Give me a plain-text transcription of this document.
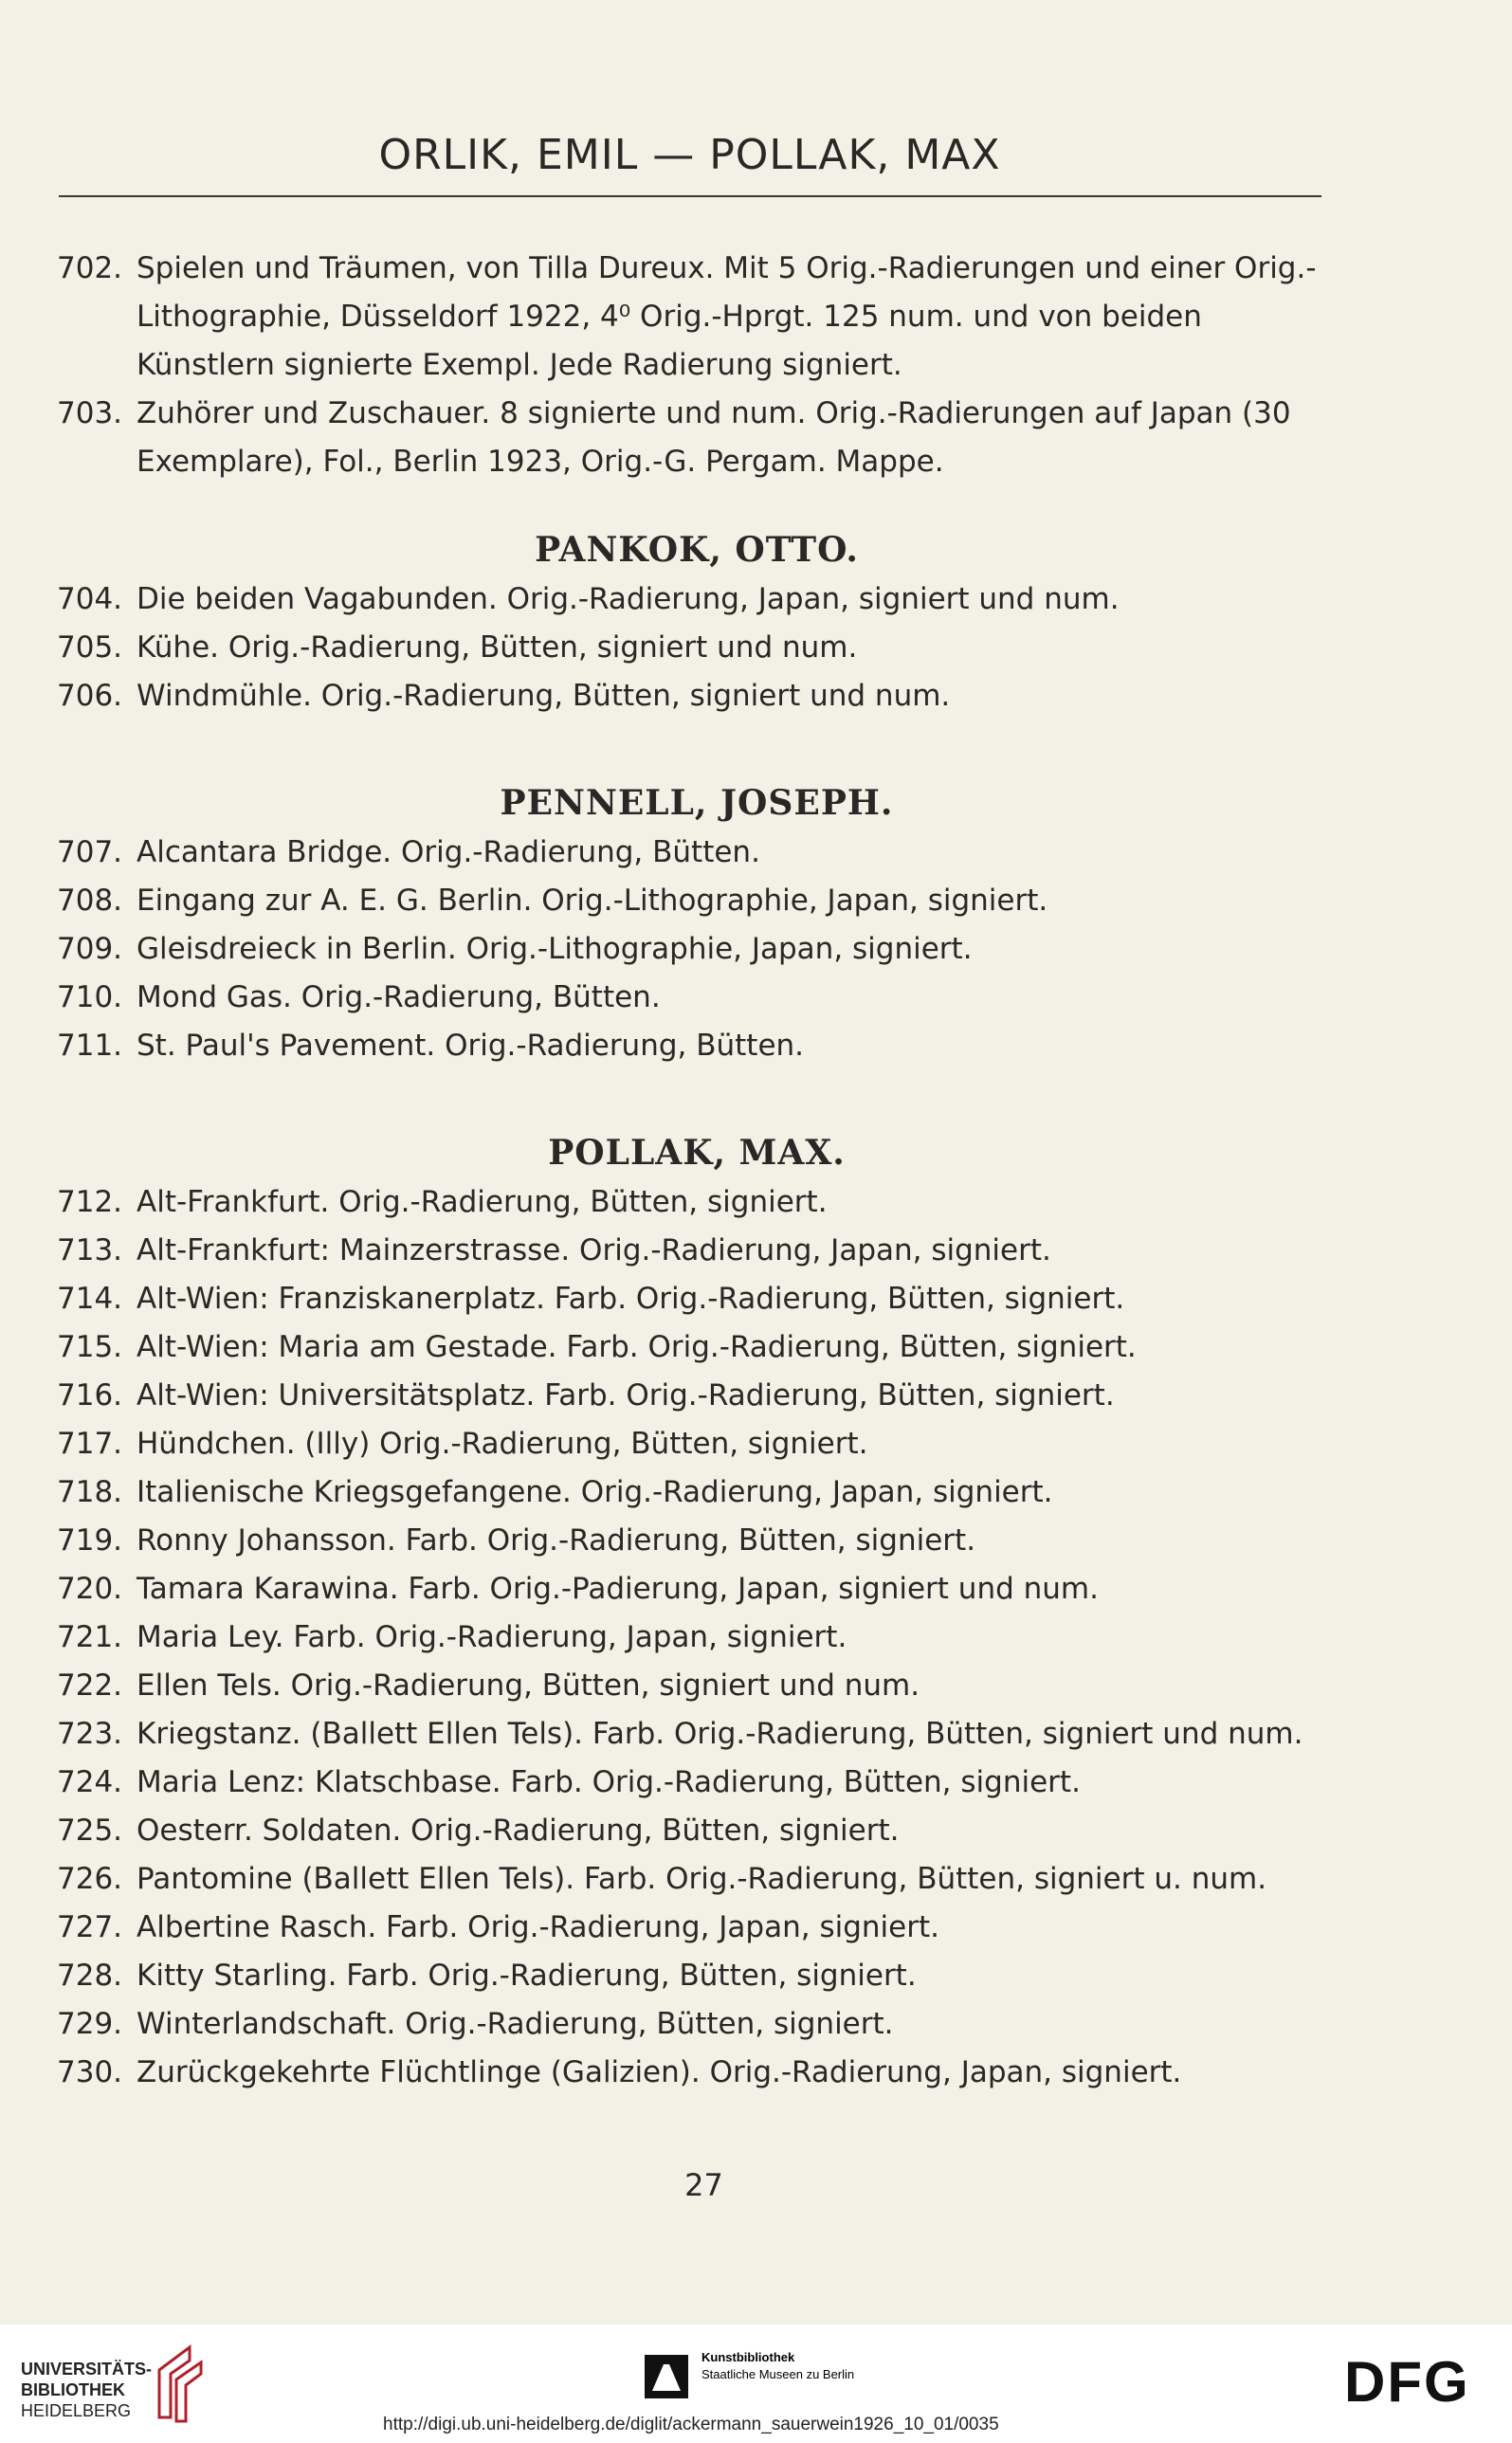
ORLIK, EMIL — POLLAK, MAX
702. Spielen und Träumen, von Tilla Dureux. Mit 5 Orig.-Radierungen und einer Orig.-Lithographie, Düsseldorf 1922, 4⁰ Orig.-Hprgt. 125 num. und von beiden Künstlern signierte Exempl. Jede Radierung signiert.
703. Zuhörer und Zuschauer. 8 signierte und num. Orig.-Radierungen auf Japan (30 Exemplare), Fol., Berlin 1923, Orig.-G. Pergam. Mappe.
PANKOK, OTTO.
704. Die beiden Vagabunden. Orig.-Radierung, Japan, signiert und num.
705. Kühe. Orig.-Radierung, Bütten, signiert und num.
706. Windmühle. Orig.-Radierung, Bütten, signiert und num.
PENNELL, JOSEPH.
707. Alcantara Bridge. Orig.-Radierung, Bütten.
708. Eingang zur A. E. G. Berlin. Orig.-Lithographie, Japan, signiert.
709. Gleisdreieck in Berlin. Orig.-Lithographie, Japan, signiert.
710. Mond Gas. Orig.-Radierung, Bütten.
711. St. Paul's Pavement. Orig.-Radierung, Bütten.
POLLAK, MAX.
712. Alt-Frankfurt. Orig.-Radierung, Bütten, signiert.
713. Alt-Frankfurt: Mainzerstrasse. Orig.-Radierung, Japan, signiert.
714. Alt-Wien: Franziskanerplatz. Farb. Orig.-Radierung, Bütten, signiert.
715. Alt-Wien: Maria am Gestade. Farb. Orig.-Radierung, Bütten, signiert.
716. Alt-Wien: Universitätsplatz. Farb. Orig.-Radierung, Bütten, signiert.
717. Hündchen. (Illy) Orig.-Radierung, Bütten, signiert.
718. Italienische Kriegsgefangene. Orig.-Radierung, Japan, signiert.
719. Ronny Johansson. Farb. Orig.-Radierung, Bütten, signiert.
720. Tamara Karawina. Farb. Orig.-Padierung, Japan, signiert und num.
721. Maria Ley. Farb. Orig.-Radierung, Japan, signiert.
722. Ellen Tels. Orig.-Radierung, Bütten, signiert und num.
723. Kriegstanz. (Ballett Ellen Tels). Farb. Orig.-Radierung, Bütten, signiert und num.
724. Maria Lenz: Klatschbase. Farb. Orig.-Radierung, Bütten, signiert.
725. Oesterr. Soldaten. Orig.-Radierung, Bütten, signiert.
726. Pantomine (Ballett Ellen Tels). Farb. Orig.-Radierung, Bütten, signiert u. num.
727. Albertine Rasch. Farb. Orig.-Radierung, Japan, signiert.
728. Kitty Starling. Farb. Orig.-Radierung, Bütten, signiert.
729. Winterlandschaft. Orig.-Radierung, Bütten, signiert.
730. Zurückgekehrte Flüchtlinge (Galizien). Orig.-Radierung, Japan, signiert.
27
UNIVERSITÄTS-
BIBLIOTHEK
HEIDELBERG
Kunstbibliothek
Staatliche Museen zu Berlin	DFG
http://digi.ub.uni-heidelberg.de/diglit/ackermann_sauerwein1926_10_01/0035
